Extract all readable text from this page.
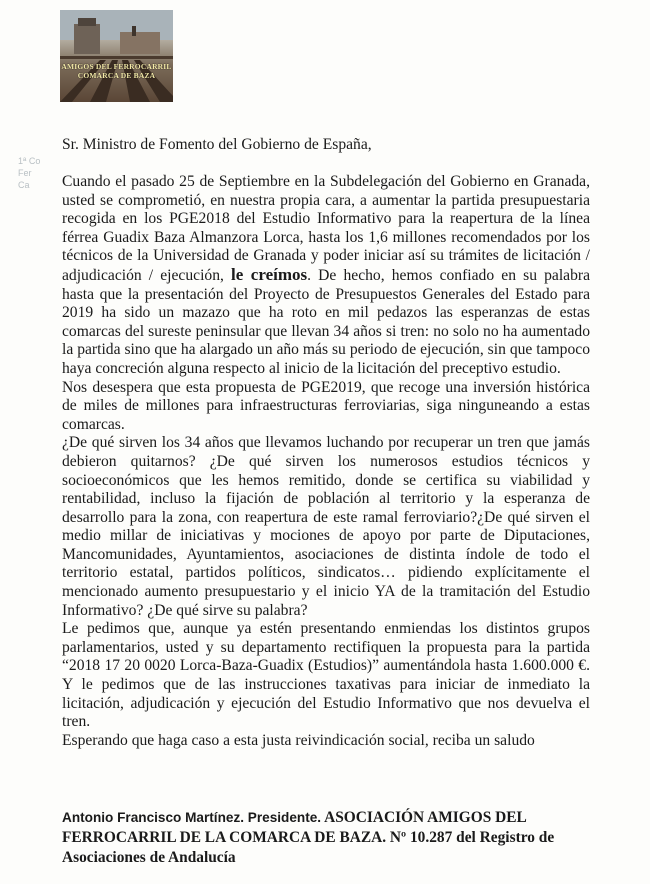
AMIGOS DEL FERROCARRIL
COMARCA DE BAZA
1ª Co
Fer
Ca
Sr. Ministro de Fomento del Gobierno de España,

Cuando el pasado 25 de Septiembre en la Subdelegación del Gobierno en Granada, usted se comprometió, en nuestra propia cara, a aumentar la partida presupuestaria recogida en los PGE2018 del Estudio Informativo para la reapertura de la línea férrea Guadix Baza Almanzora Lorca, hasta los 1,6 millones recomendados por los técnicos de la Universidad de Granada y poder iniciar así su trámites de licitación / adjudicación / ejecución, le creímos. De hecho, hemos confiado en su palabra hasta que la presentación del Proyecto de Presupuestos Generales del Estado para 2019 ha sido un mazazo que ha roto en mil pedazos las esperanzas de estas comarcas del sureste peninsular que llevan 34 años si tren: no solo no ha aumentado la partida sino que ha alargado un año más su periodo de ejecución, sin que tampoco haya concreción alguna respecto al inicio de la licitación del preceptivo estudio.

Nos desespera que esta propuesta de PGE2019, que recoge una inversión histórica de miles de millones para infraestructuras ferroviarias, siga ninguneando a estas comarcas.

¿De qué sirven los 34 años que llevamos luchando por recuperar un tren que jamás debieron quitarnos? ¿De qué sirven los numerosos estudios técnicos y socioeconómicos que les hemos remitido, donde se certifica su viabilidad y rentabilidad, incluso la fijación de población al territorio y la esperanza de desarrollo para la zona, con reapertura de este ramal ferroviario?¿De qué sirven el medio millar de iniciativas y mociones de apoyo por parte de Diputaciones, Mancomunidades, Ayuntamientos, asociaciones de distinta índole de todo el territorio estatal, partidos políticos, sindicatos… pidiendo explícitamente el mencionado aumento presupuestario y el inicio YA de la tramitación del Estudio Informativo? ¿De qué sirve su palabra?

Le pedimos que, aunque ya estén presentando enmiendas los distintos grupos parlamentarios, usted y su departamento rectifiquen la propuesta para la partida “2018 17 20 0020 Lorca-Baza-Guadix (Estudios)” aumentándola hasta 1.600.000 €. Y le pedimos que de las instrucciones taxativas para iniciar de inmediato la licitación, adjudicación y ejecución del Estudio Informativo que nos devuelva el tren.

Esperando que haga caso a esta justa reivindicación social, reciba un saludo

Antonio Francisco Martínez. Presidente. ASOCIACIÓN AMIGOS DEL FERROCARRIL DE LA COMARCA DE BAZA. Nº 10.287 del Registro de Asociaciones de Andalucía
